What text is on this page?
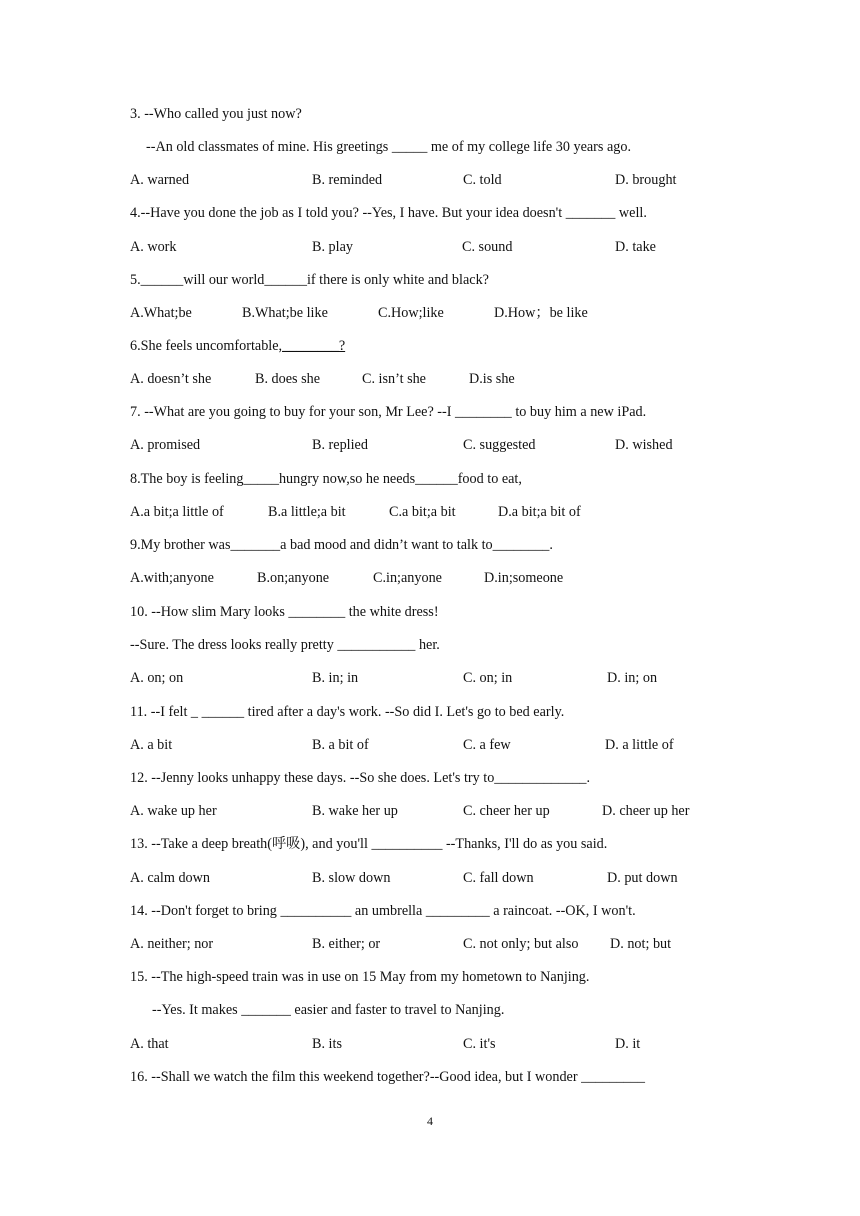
3. --Who called you just now?
--An old classmates of mine. His greetings _____ me of my college life 30 years ago.
A. warned	B. reminded	C. told	D. brought
4.--Have you done the job as I told you? --Yes, I have. But your idea doesn't _______ well.
A. work	B. play	C. sound	D. take
5.______will our world______if there is only white and black?
A.What;be	B.What;be like	C.How;like	D.How；be like
6.She feels uncomfortable,________?
A. doesn’t she	B. does she	C. isn’t she	D.is she
7. --What are you going to buy for your son, Mr Lee? --I ________ to buy him a new iPad.
A. promised	B. replied	C. suggested	D. wished
8.The boy is feeling_____hungry now,so he needs______food to eat,
A.a bit;a little of	B.a little;a bit	C.a bit;a bit	D.a bit;a bit of
9.My brother was_______a bad mood and didn’t want to talk to________.
A.with;anyone	B.on;anyone	C.in;anyone	D.in;someone
10. --How slim Mary looks ________ the white dress!
--Sure. The dress looks really pretty ___________ her.
A. on; on	B. in; in	C. on; in	D. in; on
11. --I felt _ ______ tired after a day's work. --So did I. Let's go to bed early.
A. a bit	B. a bit of	C. a few	D. a little of
12. --Jenny looks unhappy these days. --So she does. Let's try to_____________.
A. wake up her	B. wake her up	C. cheer her up	D. cheer up her
13. --Take a deep breath(呼吸), and you'll __________ --Thanks, I'll do as you said.
A. calm down	B. slow down	C. fall down	D. put down
14. --Don't forget to bring __________ an umbrella _________ a raincoat. --OK, I won't.
A. neither; nor	B. either; or	C. not only; but also D. not; but
15. --The high-speed train was in use on 15 May from my hometown to Nanjing.
--Yes. It makes _______ easier and faster to travel to Nanjing.
A. that	B. its	C. it's	D. it
16. --Shall we watch the film this weekend together?--Good idea, but I wonder _________
4
